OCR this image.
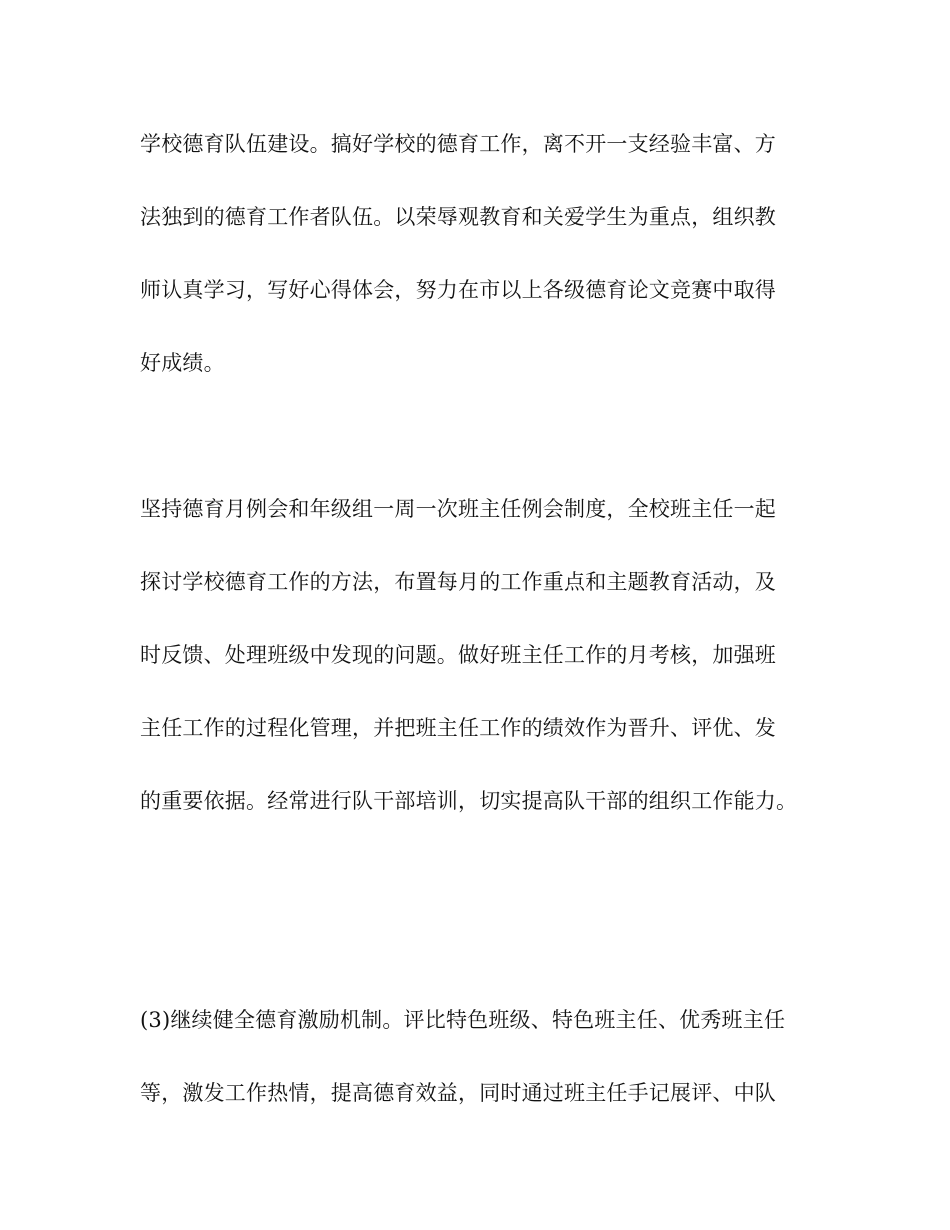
学校德育队伍建设。搞好学校的德育工作，离不开一支经验丰富、方
法独到的德育工作者队伍。以荣辱观教育和关爱学生为重点，组织教
师认真学习，写好心得体会，努力在市以上各级德育论文竞赛中取得
好成绩。
坚持德育月例会和年级组一周一次班主任例会制度，全校班主任一起
探讨学校德育工作的方法，布置每月的工作重点和主题教育活动，及
时反馈、处理班级中发现的问题。做好班主任工作的月考核，加强班
主任工作的过程化管理，并把班主任工作的绩效作为晋升、评优、发
的重要依据。经常进行队干部培训，切实提高队干部的组织工作能力。
(3)继续健全德育激励机制。评比特色班级、特色班主任、优秀班主任
等，激发工作热情，提高德育效益，同时通过班主任手记展评、中队
